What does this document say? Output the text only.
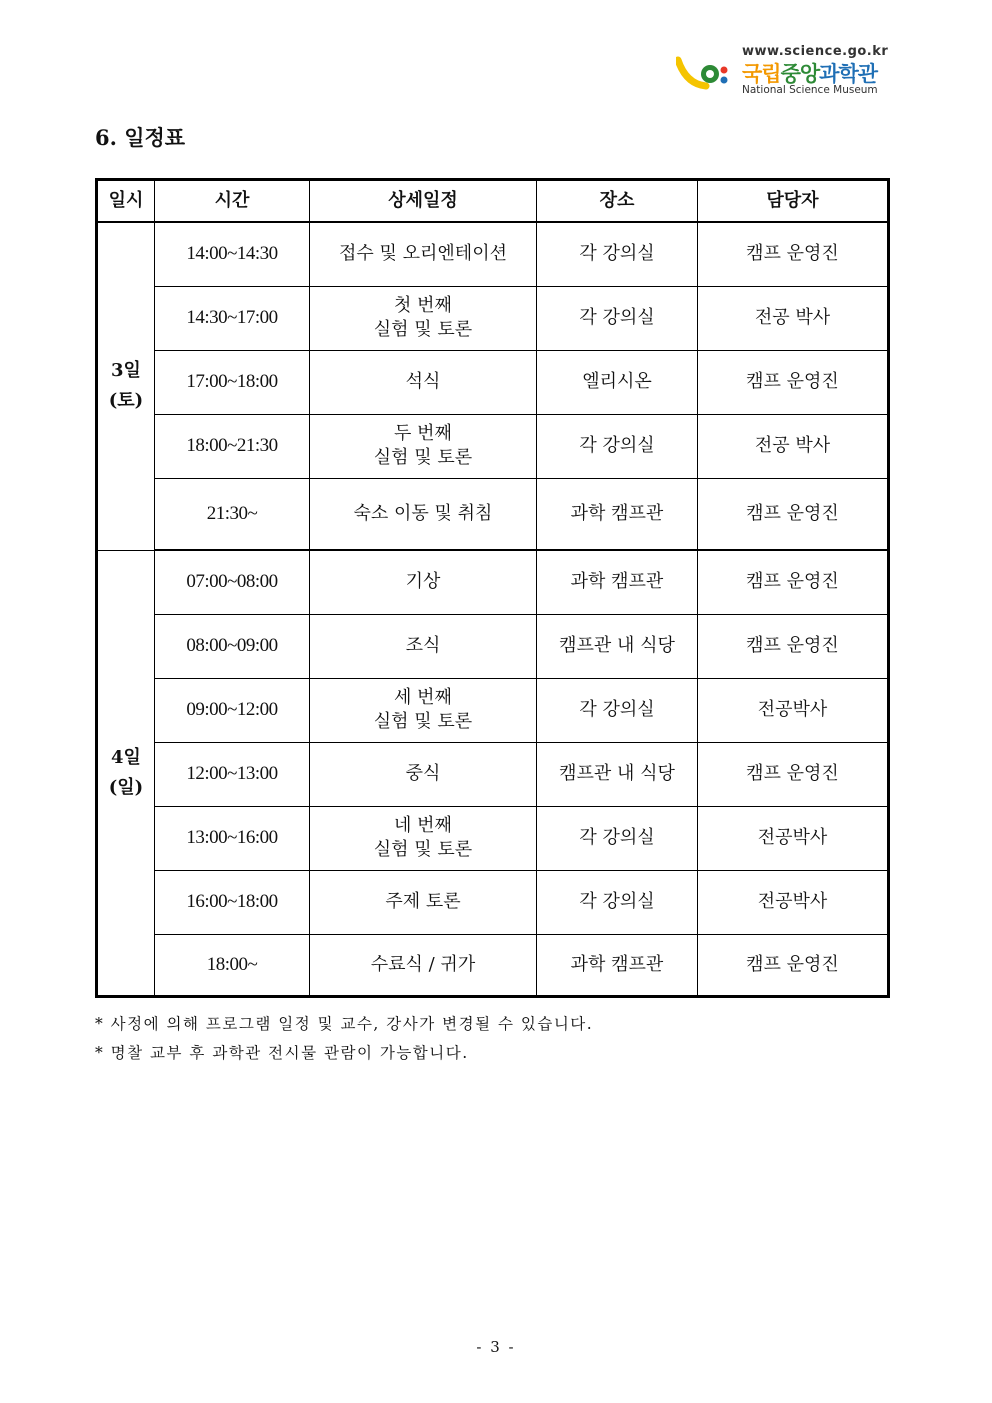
www.science.go.kr
국립중앙과학관
National Science Museum
6. 일정표
일시	시간	상세일정	장소	담당자

3일
(토)	14:00~14:30	접수 및 오리엔테이션	각 강의실	캠프 운영진
	14:30~17:00	첫 번째
실험 및 토론	각 강의실	전공 박사
	17:00~18:00	석식	엘리시온	캠프 운영진
	18:00~21:30	두 번째
실험 및 토론	각 강의실	전공 박사
	21:30~	숙소 이동 및 취침	과학 캠프관	캠프 운영진

4일
(일)	07:00~08:00	기상	과학 캠프관	캠프 운영진
	08:00~09:00	조식	캠프관 내 식당	캠프 운영진
	09:00~12:00	세 번째
실험 및 토론	각 강의실	전공박사
	12:00~13:00	중식	캠프관 내 식당	캠프 운영진
	13:00~16:00	네 번째
실험 및 토론	각 강의실	전공박사
	16:00~18:00	주제 토론	각 강의실	전공박사
	18:00~	수료식 / 귀가	과학 캠프관	캠프 운영진
* 사정에 의해 프로그램 일정 및 교수, 강사가 변경될 수 있습니다.
* 명찰 교부 후 과학관 전시물 관람이 가능합니다.
- 3 -
